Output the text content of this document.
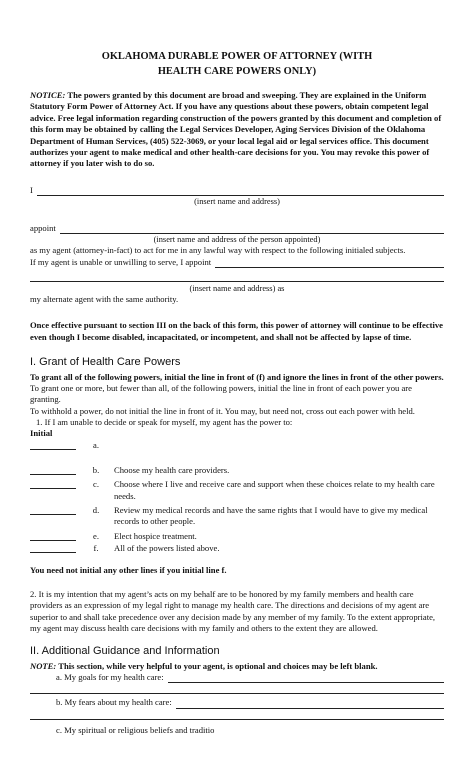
OKLAHOMA DURABLE POWER OF ATTORNEY (WITH
HEALTH CARE POWERS ONLY)

NOTICE: The powers granted by this document are broad and sweeping. They are explained in the Uniform Statutory Form Power of Attorney Act. If you have any questions about these powers, obtain competent legal advice. Free legal information regarding construction of the powers granted by this document and completion of this form may be obtained by calling the Legal Services Developer, Aging Services Division of the Oklahoma Department of Human Services, (405) 522-3069, or your local legal aid or legal services office. This document authorizes your agent to make medical and other health-care decisions for you. You may revoke this power of attorney if you later wish to do so.

I
(insert name and address)
appoint
(insert name and address of the person appointed)

as my agent (attorney-in-fact) to act for me in any lawful way with respect to the following initialed subjects.

If my agent is unable or unwilling to serve, I appoint
(insert name and address) as

my alternate agent with the same authority.

Once effective pursuant to section III on the back of this form, this power of attorney will continue to be effective even though I become disabled, incapacitated, or incompetent, and shall not be affected by lapse of time.

I. Grant of Health Care Powers

To grant all of the following powers, initial the line in front of (f) and ignore the lines in front of the other powers.

To grant one or more, but fewer than all, of the following powers, initial the line in front of each power you are granting.

To withhold a power, do not initial the line in front of it. You may, but need not, cross out each power with held.

1. If I am unable to decide or speak for myself, my agent has the power to:

Initial

a.
b.	Choose my health care providers.
c.	Choose where I live and receive care and support when these choices relate to my health care needs.
d.	Review my medical records and have the same rights that I would have to give my medical records to other people.
e.	Elect hospice treatment.
f.	All of the powers listed above.

You need not initial any other lines if you initial line f.

2. It is my intention that my agent’s acts on my behalf are to be honored by my family members and health care providers as an expression of my legal right to manage my health care. The directions and decisions of my agent are superior to and shall take precedence over any decision made by any member of my family. To the extent appropriate, my agent may discuss health care decisions with my family and others to the extent they are allowed.

II. Additional Guidance and Information

NOTE: This section, while very helpful to your agent, is optional and choices may be left blank.

a. My goals for my health care:
b. My fears about my health care:
c. My spiritual or religious beliefs and traditio
